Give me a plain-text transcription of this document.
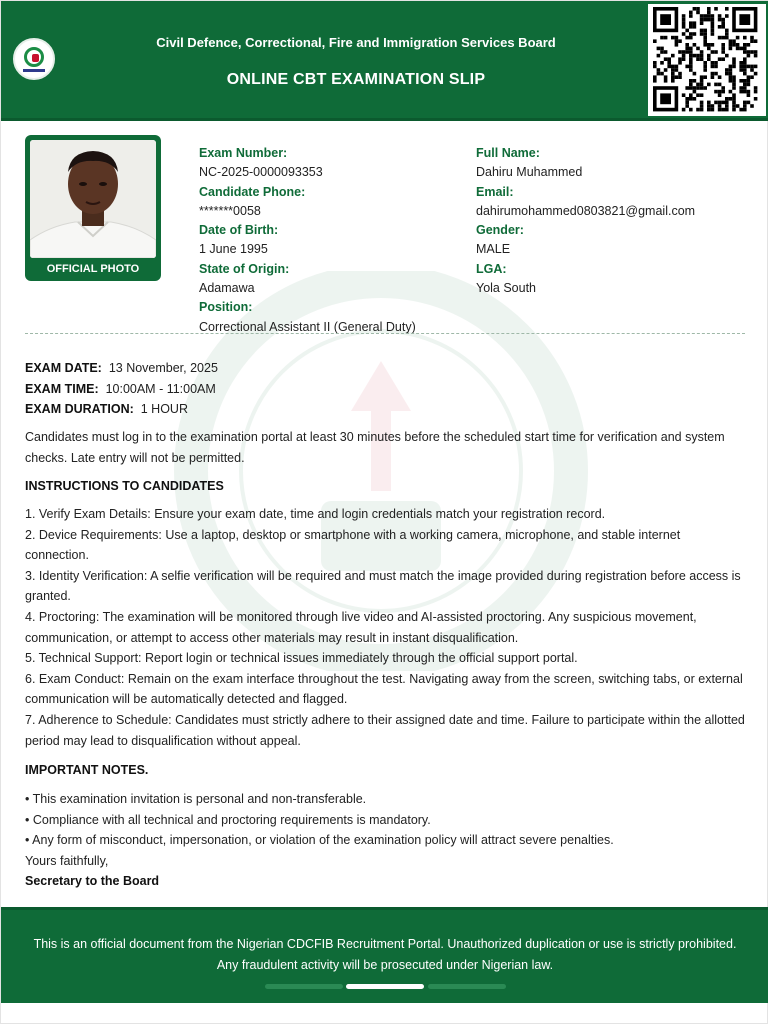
Civil Defence, Correctional, Fire and Immigration Services Board
ONLINE CBT EXAMINATION SLIP
OFFICIAL PHOTO
Exam Number:
NC-2025-0000093353
Candidate Phone:
*******0058
Date of Birth:
1 June 1995
State of Origin:
Adamawa
Position:
Correctional Assistant II (General Duty)
Full Name:
Dahiru Muhammed
Email:
dahirumohammed0803821@gmail.com
Gender:
MALE
LGA:
Yola South
EXAM DATE: 13 November, 2025
EXAM TIME: 10:00AM - 11:00AM
EXAM DURATION: 1 HOUR
Candidates must log in to the examination portal at least 30 minutes before the scheduled start time for verification and system checks. Late entry will not be permitted.
INSTRUCTIONS TO CANDIDATES
1. Verify Exam Details: Ensure your exam date, time and login credentials match your registration record.
2. Device Requirements: Use a laptop, desktop or smartphone with a working camera, microphone, and stable internet connection.
3. Identity Verification: A selfie verification will be required and must match the image provided during registration before access is granted.
4. Proctoring: The examination will be monitored through live video and AI-assisted proctoring. Any suspicious movement, communication, or attempt to access other materials may result in instant disqualification.
5. Technical Support: Report login or technical issues immediately through the official support portal.
6. Exam Conduct: Remain on the exam interface throughout the test. Navigating away from the screen, switching tabs, or external communication will be automatically detected and flagged.
7. Adherence to Schedule: Candidates must strictly adhere to their assigned date and time. Failure to participate within the allotted period may lead to disqualification without appeal.
IMPORTANT NOTES.
• This examination invitation is personal and non-transferable.
• Compliance with all technical and proctoring requirements is mandatory.
• Any form of misconduct, impersonation, or violation of the examination policy will attract severe penalties.
Yours faithfully,
Secretary to the Board
This is an official document from the Nigerian CDCFIB Recruitment Portal. Unauthorized duplication or use is strictly prohibited. Any fraudulent activity will be prosecuted under Nigerian law.
